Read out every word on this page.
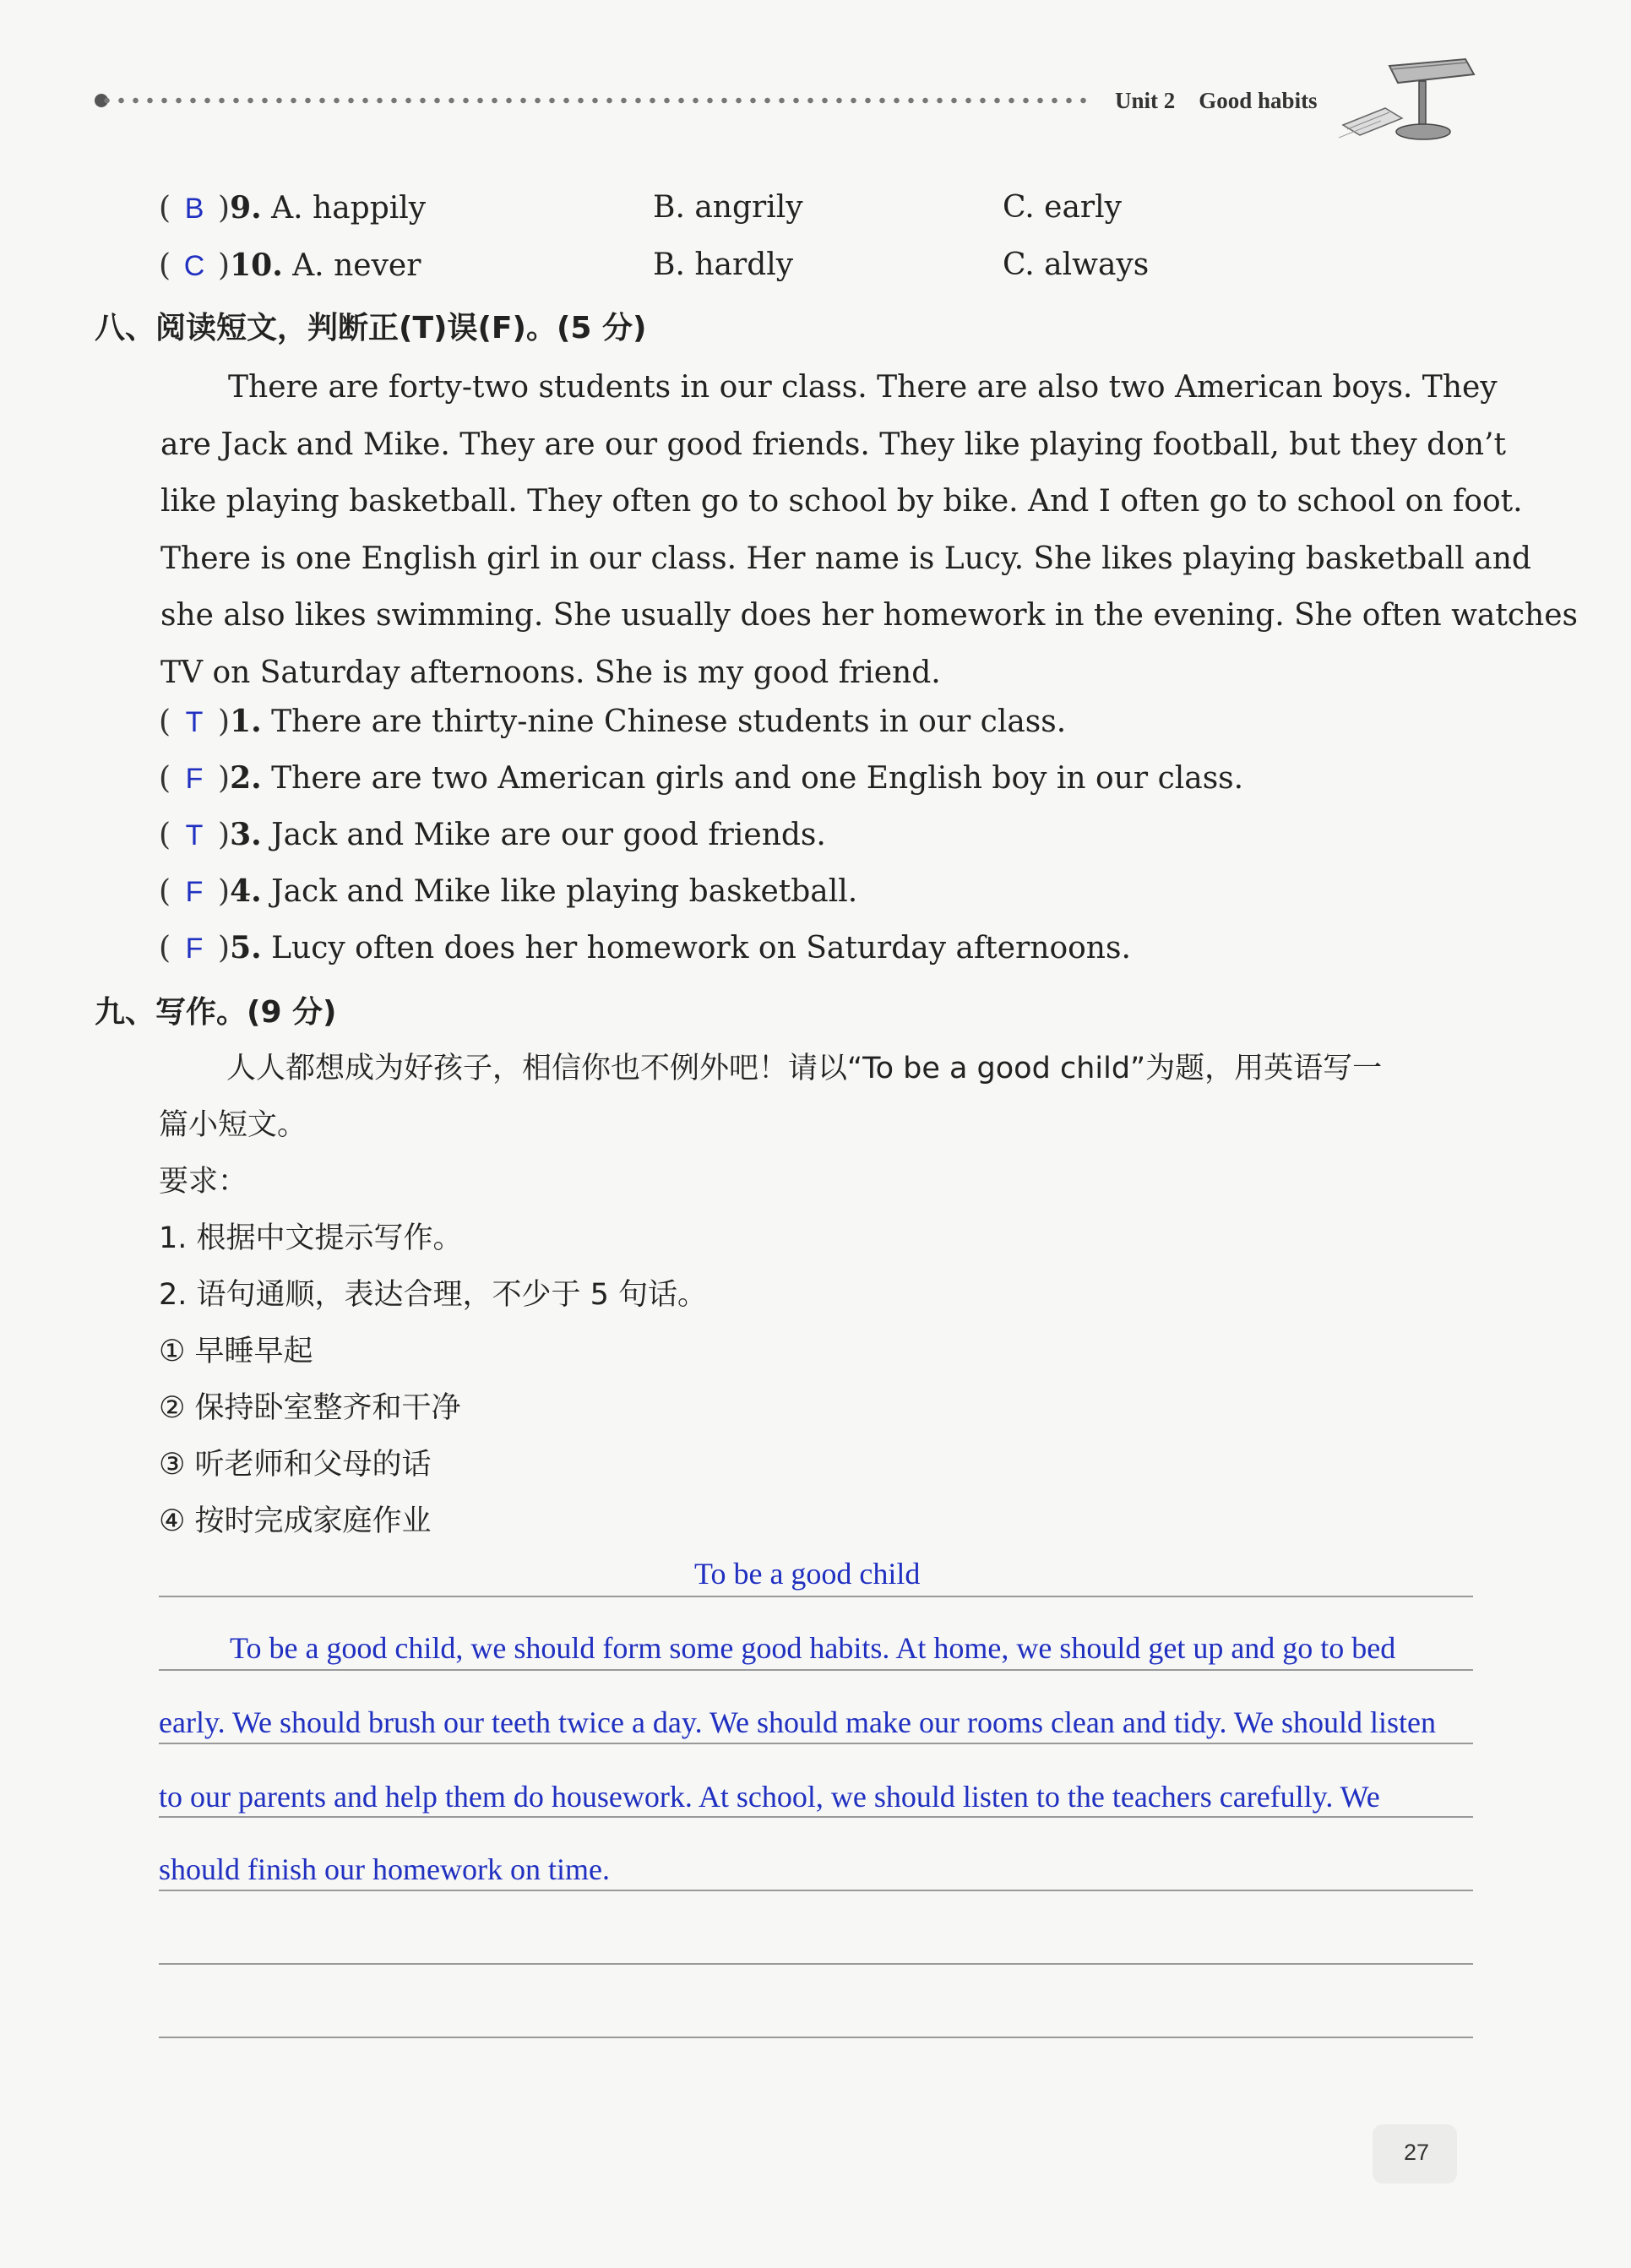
Unit 2 Good habits
( B )9. A. happily	B. angrily	C. early
( C )10. A. never	B. hardly	C. always
八、阅读短文，判断正(T)误(F)。(5 分)
There are forty-two students in our class. There are also two American boys. They
are Jack and Mike. They are our good friends. They like playing football, but they don’t
like playing basketball. They often go to school by bike. And I often go to school on foot.
There is one English girl in our class. Her name is Lucy. She likes playing basketball and
she also likes swimming. She usually does her homework in the evening. She often watches
TV on Saturday afternoons. She is my good friend.
( T )1. There are thirty-nine Chinese students in our class.
( F )2. There are two American girls and one English boy in our class.
( T )3. Jack and Mike are our good friends.
( F )4. Jack and Mike like playing basketball.
( F )5. Lucy often does her homework on Saturday afternoons.
九、写作。(9 分)
人人都想成为好孩子，相信你也不例外吧！请以“To be a good child”为题，用英语写一
篇小短文。
要求：
1. 根据中文提示写作。
2. 语句通顺，表达合理，不少于 5 句话。
① 早睡早起
② 保持卧室整齐和干净
③ 听老师和父母的话
④ 按时完成家庭作业
To be a good child
To be a good child, we should form some good habits. At home, we should get up and go to bed
early. We should brush our teeth twice a day. We should make our rooms clean and tidy. We should listen
to our parents and help them do housework. At school, we should listen to the teachers carefully. We
should finish our homework on time.
27
